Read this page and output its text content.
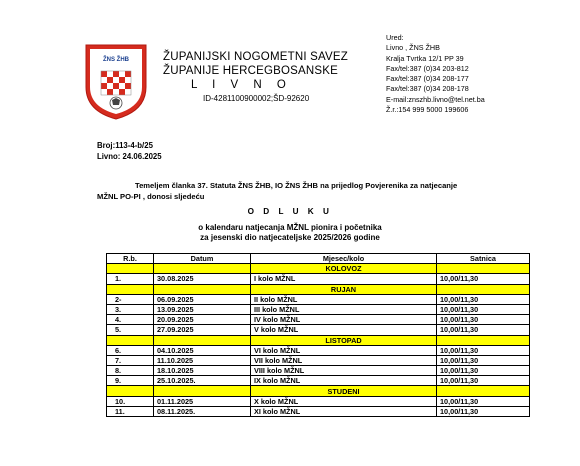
ŽNS ŽHB	ŽUPANIJSKI NOGOMETNI SAVEZ
ŽUPANIJE HERCEGBOSANSKE
L I V N O
ID-4281100900002;ŠD-92620
Ured:
Livno , ŽNS ŽHB
Kralja Tvrtka 12/1 PP 39
Fax/tel:387 (0)34 203-812
Fax/tel:387 (0)34 208-177
Fax/tel:387 (0)34 208-178
E-mail:znszhb.livno@tel.net.ba
Ž.r.:154 999 5000 199606
Broj:113-4-b/25
Livno: 24.06.2025
Temeljem članka 37. Statuta ŽNS ŽHB, IO ŽNS ŽHB na prijedlog Povjerenika za natjecanje
MŽNL PO-PI , donosi sljedeću
O D L U K U
o kalendaru natjecanja MŽNL pionira i početnika
za jesenski dio natjecateljske 2025/2026 godine
R.b.	Datum	Mjesec/kolo	Satnica
		KOLOVOZ	
1.	30.08.2025	I kolo MŽNL	10,00/11,30
		RUJAN	
2-	06.09.2025	II kolo MŽNL	10,00/11,30
3.	13.09.2025	III kolo MŽNL	10,00/11,30
4.	20.09.2025	IV kolo MŽNL	10,00/11,30
5.	27.09.2025	V kolo MŽNL	10,00/11,30
		LISTOPAD	
6.	04.10.2025	VI kolo MŽNL	10,00/11,30
7.	11.10.2025	VII kolo MŽNL	10,00/11,30
8.	18.10.2025	VIII kolo MŽNL	10,00/11,30
9.	25.10.2025.	IX kolo MŽNL	10,00/11,30
		STUDENI	
10.	01.11.2025	X kolo MŽNL	10,00/11,30
11.	08.11.2025.	XI kolo MŽNL	10,00/11,30
